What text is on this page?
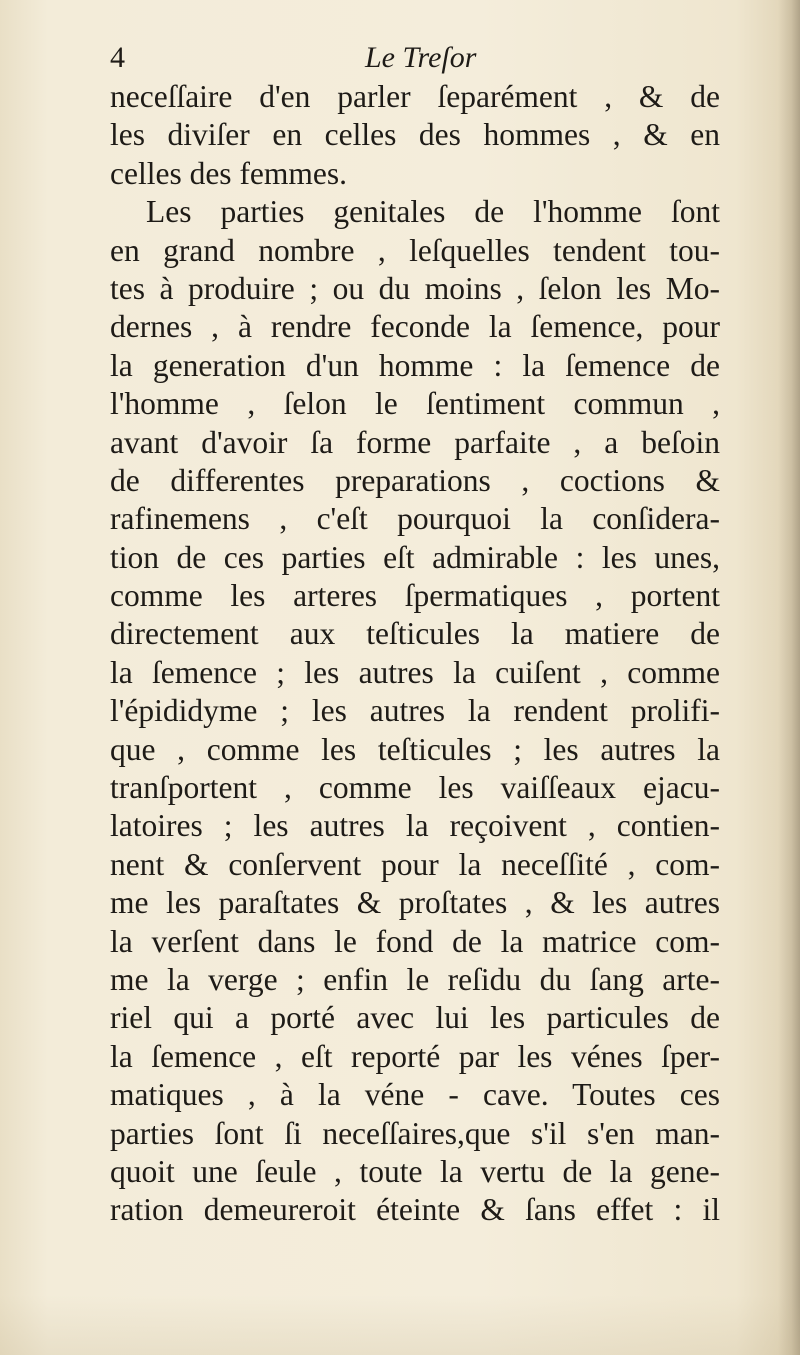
4	Le Treſor
neceſſaire d'en parler ſeparément , & de
les diviſer en celles des hommes , & en
celles des femmes.
Les parties genitales de l'homme ſont
en grand nombre , leſquelles tendent tou-
tes à produire ; ou du moins , ſelon les Mo-
dernes , à rendre feconde la ſemence, pour
la generation d'un homme : la ſemence de
l'homme , ſelon le ſentiment commun ,
avant d'avoir ſa forme parfaite , a beſoin
de differentes preparations , coctions &
rafinemens , c'eſt pourquoi la conſidera-
tion de ces parties eſt admirable : les unes,
comme les arteres ſpermatiques , portent
directement aux teſticules la matiere de
la ſemence ; les autres la cuiſent , comme
l'épididyme ; les autres la rendent prolifi-
que , comme les teſticules ; les autres la
tranſportent , comme les vaiſſeaux ejacu-
latoires ; les autres la reçoivent , contien-
nent & conſervent pour la neceſſité , com-
me les paraſtates & proſtates , & les autres
la verſent dans le fond de la matrice com-
me la verge ; enfin le reſidu du ſang arte-
riel qui a porté avec lui les particules de
la ſemence , eſt reporté par les vénes ſper-
matiques , à la véne - cave. Toutes ces
parties ſont ſi neceſſaires,que s'il s'en man-
quoit une ſeule , toute la vertu de la gene-
ration demeureroit éteinte & ſans effet : il
